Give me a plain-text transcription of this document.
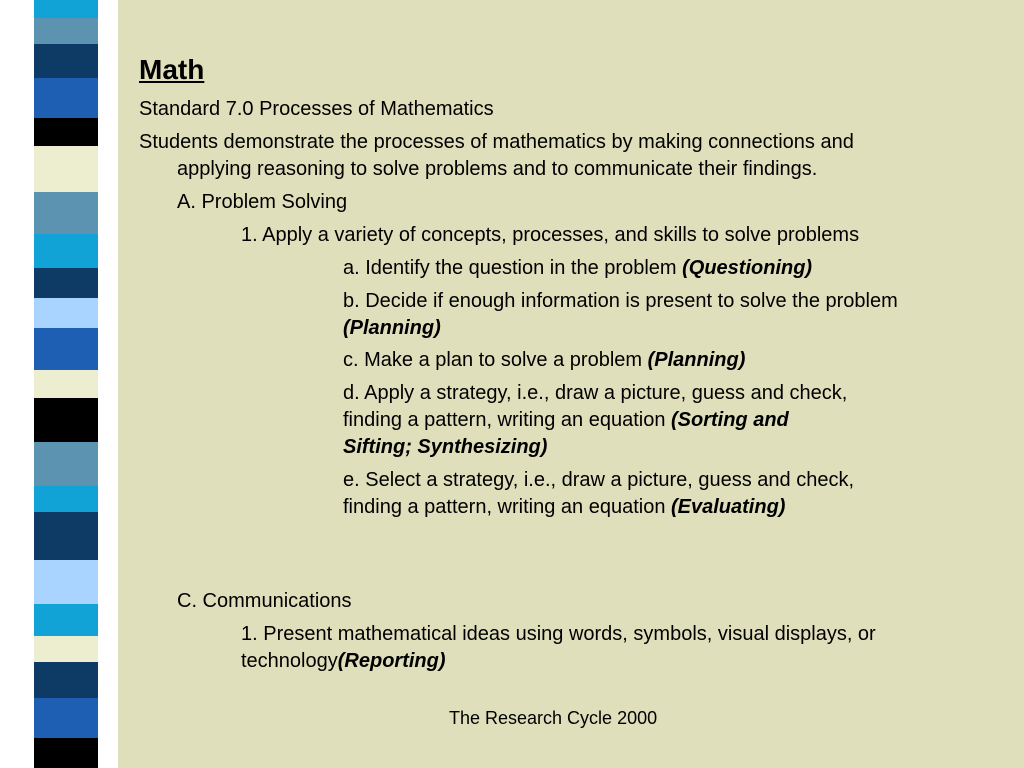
Math
Standard 7.0 Processes of Mathematics
Students demonstrate the processes of mathematics by making connections and
applying reasoning to solve problems and to communicate their findings.
A. Problem Solving
1. Apply a variety of concepts, processes, and skills to solve problems
a. Identify the question in the problem (Questioning)
b. Decide if enough information is present to solve the problem
(Planning)
c. Make a plan to solve a problem (Planning)
d. Apply a strategy, i.e., draw a picture, guess and check,
finding a pattern, writing an equation (Sorting and
Sifting; Synthesizing)
e. Select a strategy, i.e., draw a picture, guess and check,
finding a pattern, writing an equation (Evaluating)
C. Communications
1. Present mathematical ideas using words, symbols, visual displays, or
technology(Reporting)
The Research Cycle 2000
